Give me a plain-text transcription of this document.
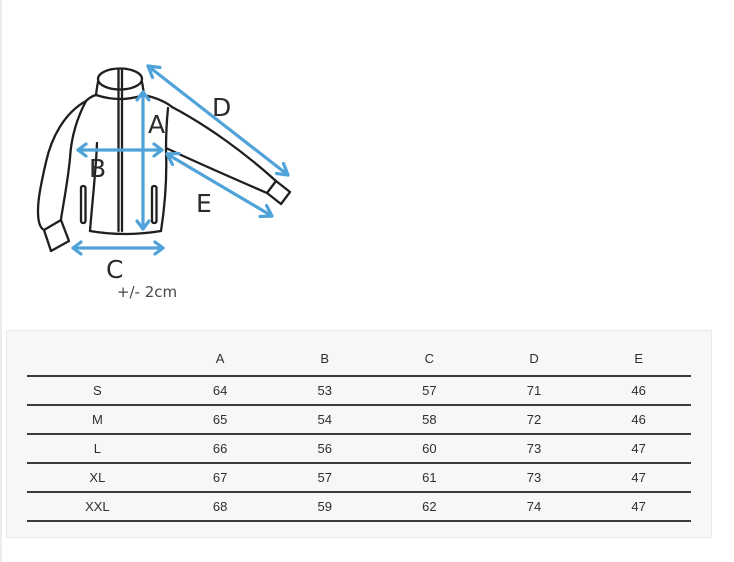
A
B
C
D
E
+/- 2cm
	A	B	C	D	E
S	64	53	57	71	46
M	65	54	58	72	46
L	66	56	60	73	47
XL	67	57	61	73	47
XXL	68	59	62	74	47
